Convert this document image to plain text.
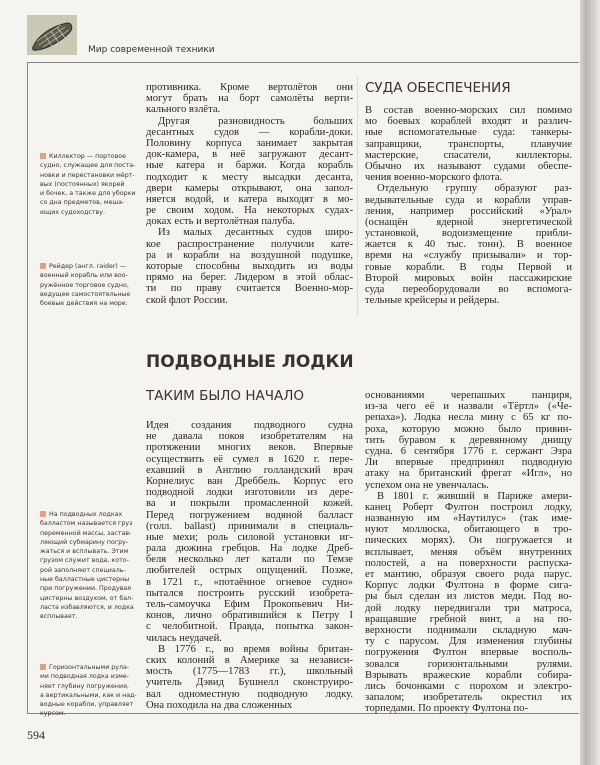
Мир современной техники
Киллектор — портовое
судно, служащее для поста-
новки и перестановки мёрт-
вых (постоянных) якорей
и бочек, а также для уборки
со дна предметов, меша-
ющих судоходству.
Рейдер (англ. raider) —
военный корабль или воо-
ружённое торговое судно,
ведущее самостоятельные
боевые действия на море.
На подводных лодках
балластом называется груз
переменной массы, застав-
ляющий субмарину погру-
жаться и всплывать. Этим
грузом служит вода, кото-
рой заполняют специаль-
ные балластные цистерны
при погружении. Продувая
цистерны воздухом, от бал-
ласта избавляются, и лодка
всплывает.
Горизонтальными рула-
ми подводная лодка изме-
няет глубину погружения,
а вертикальными, как и над-
водные корабли, управляет
курсом.
противника. Кроме вертолётов они
могут брать на борт самолёты верти-
кального взлёта.
Другая разновидность больших
десантных судов — корабли-доки.
Половину корпуса занимает закрытая
док-камера, в неё загружают десант-
ные катера и баржи. Когда корабль
подходит к месту высадки десанта,
двери камеры открывают, она запол-
няется водой, и катера выходят в мо-
ре своим ходом. На некоторых судах-
доках есть и вертолётная палуба.
Из малых десантных судов широ-
кое распространение получили кате-
ра и корабли на воздушной подушке,
которые способны выходить из воды
прямо на берег. Лидером в этой облас-
ти по праву считается Военно-мор-
ской флот России.
СУДА ОБЕСПЕЧЕНИЯ
В состав военно-морских сил помимо
мо боевых кораблей входят и различ-
ные вспомогательные суда: танкеры-
заправщики, транспорты, плавучие
мастерские, спасатели, киллекторы.
Обычно их называют судами обеспе-
чения военно-морского флота.
Отдельную группу образуют раз-
ведывательные суда и корабли управ-
ления, например российский «Урал»
(оснащён ядерной энергетической
установкой, водоизмещение прибли-
жается к 40 тыс. тонн). В военное
время на «службу призывали» и тор-
говые корабли. В годы Первой и
Второй мировых войн пассажирские
суда переоборудовали во вспомога-
тельные крейсеры и рейдеры.
ПОДВОДНЫЕ ЛОДКИ
ТАКИМ БЫЛО НАЧАЛО
Идея создания подводного судна
не давала покоя изобретателям на
протяжении многих веков. Впервые
осуществить её сумел в 1620 г. пере-
ехавший в Англию голландский врач
Корнелиус ван Дреббель. Корпус его
подводной лодки изготовили из дере-
ва и покрыли промасленной кожей.
Перед погружением водяной балласт
(голл. ballast) принимали в специаль-
ные мехи; роль силовой установки иг-
рала дюжина гребцов. На лодке Дреб-
беля несколько лет катали по Темзе
любителей острых ощущений. Позже,
в 1721 г., «потаённое огневое судно»
пытался построить русский изобрета-
тель-самоучка Ефим Прокопьевич Ни-
конов, лично обратившийся к Петру I
с челобитной. Правда, попытка закон-
чилась неудачей.
В 1776 г., во время войны британ-
ских колоний в Америке за независи-
мость (1775—1783 гг.), школьный
учитель Дэвид Бушнелл сконструиро-
вал одноместную подводную лодку.
Она походила на два сложенных
основаниями черепашьих панциря,
из-за чего её и назвали «Тёртл» («Че-
репаха»). Лодка несла мину с 65 кг по-
роха, которую можно было привин-
тить буравом к деревянному днищу
судна. 6 сентября 1776 г. сержант Эзра
Ли впервые предпринял подводную
атаку на британский фрегат «Игл», но
успехом она не увенчалась.
В 1801 г. живший в Париже амери-
канец Роберт Фултон построил лодку,
названную им «Наутилус» (так име-
нуют моллюска, обитающего в тро-
пических морях). Он погружается и
всплывает, меняя объём внутренних
полостей, а на поверхности распуска-
ет мантию, образуя своего рода парус.
Корпус лодки Фултона в форме сига-
ры был сделан из листов меди. Под во-
дой лодку передвигали три матроса,
вращавшие гребной винт, а на по-
верхности поднимали складную мач-
ту с парусом. Для изменения глубины
погружения Фултон впервые восполь-
зовался горизонтальными рулями.
Взрывать вражеские корабли собира-
лись бочонками с порохом и электро-
запалом; изобретатель окрестил их
торпедами. По проекту Фултона по-
594
